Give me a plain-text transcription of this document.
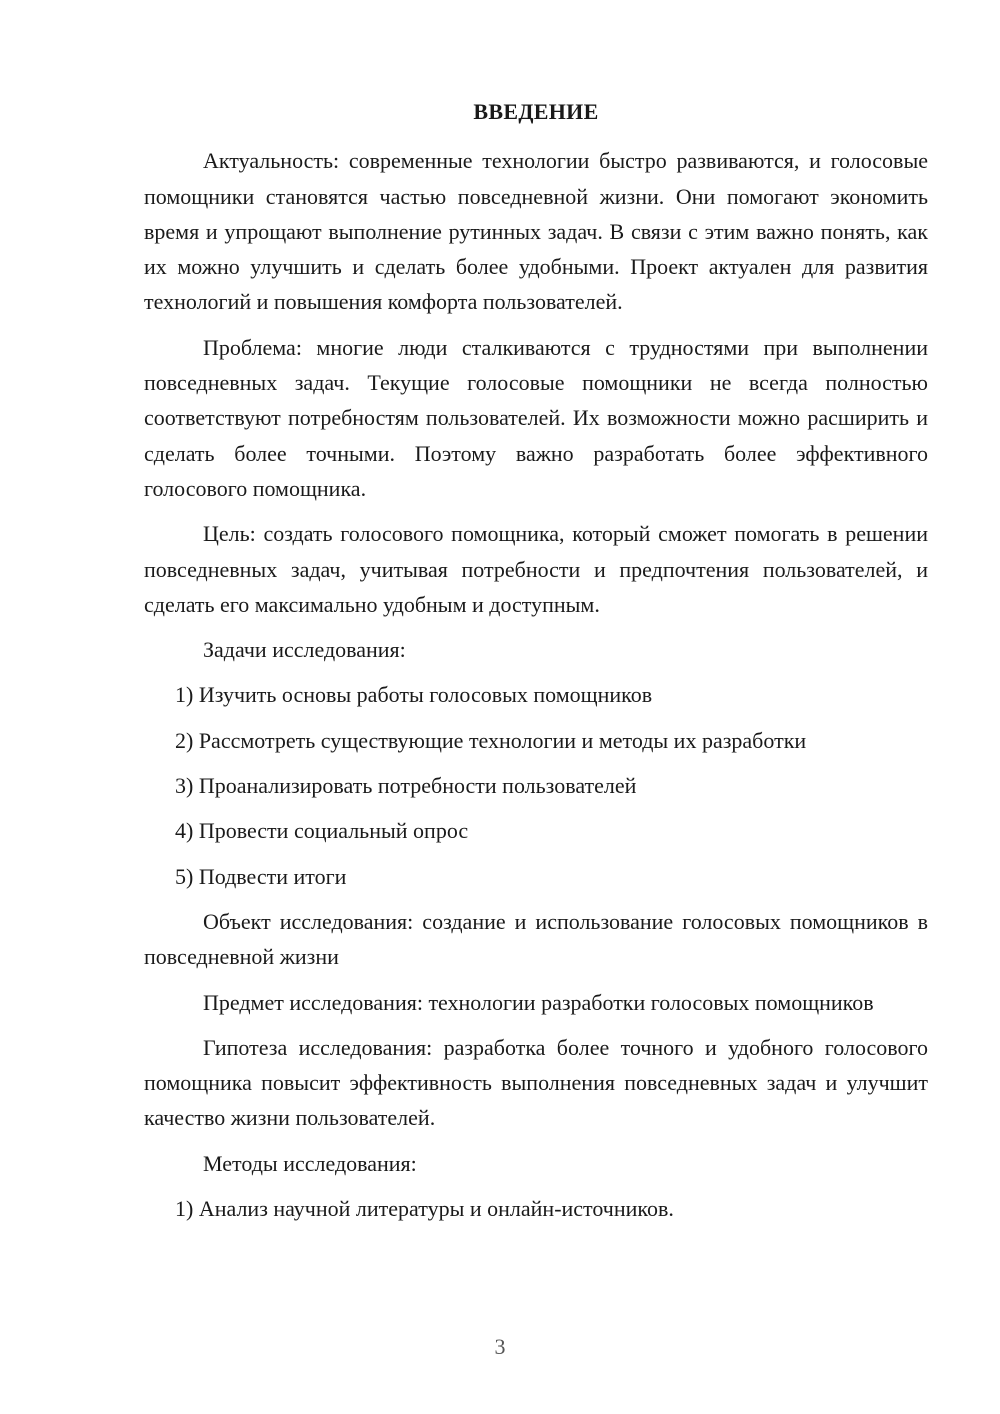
ВВЕДЕНИЕ

Актуальность: современные технологии быстро развиваются, и голосовые помощники становятся частью повседневной жизни. Они помогают экономить время и упрощают выполнение рутинных задач. В связи с этим важно понять, как их можно улучшить и сделать более удобными. Проект актуален для развития технологий и повышения комфорта пользователей.

Проблема: многие люди сталкиваются с трудностями при выполнении повседневных задач. Текущие голосовые помощники не всегда полностью соответствуют потребностям пользователей. Их возможности можно расширить и сделать более точными. Поэтому важно разработать более эффективного голосового помощника.

Цель: создать голосового помощника, который сможет помогать в решении повседневных задач, учитывая потребности и предпочтения пользователей, и сделать его максимально удобным и доступным.

Задачи исследования:
1) Изучить основы работы голосовых помощников
2) Рассмотреть существующие технологии и методы их разработки
3) Проанализировать потребности пользователей
4) Провести социальный опрос
5) Подвести итоги

Объект исследования: создание и использование голосовых помощников в повседневной жизни

Предмет исследования: технологии разработки голосовых помощников

Гипотеза исследования: разработка более точного и удобного голосового помощника повысит эффективность выполнения повседневных задач и улучшит качество жизни пользователей.

Методы исследования:
1) Анализ научной литературы и онлайн-источников.
3
